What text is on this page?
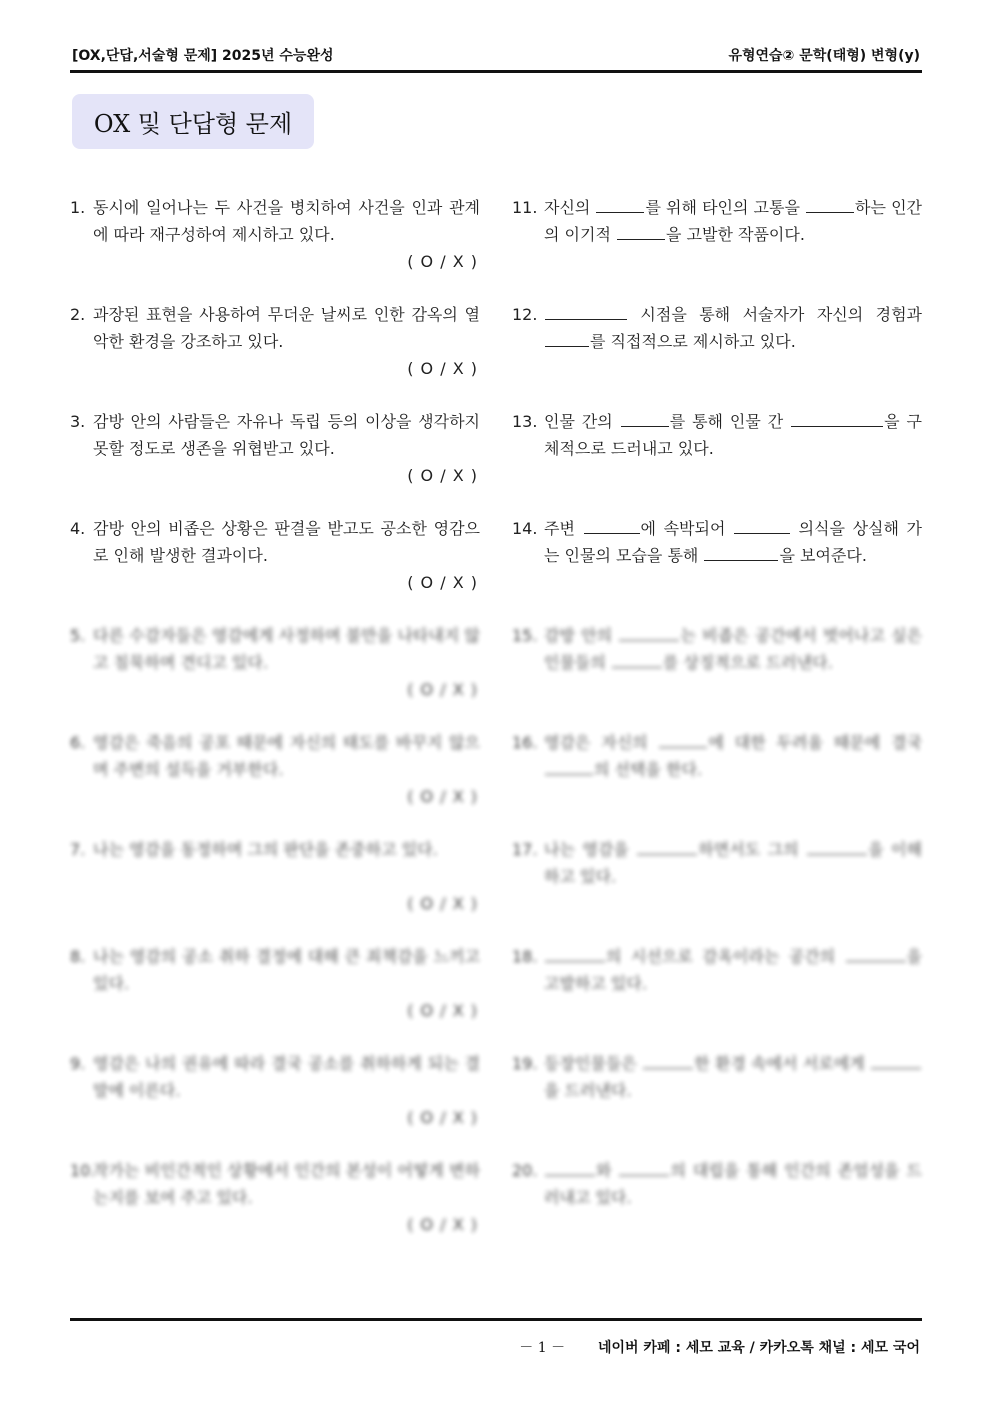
[OX,단답,서술형 문제] 2025년 수능완성	유형연습② 문학(태형) 변형(y)
OX 및 단답형 문제
1. 동시에 일어나는 두 사건을 병치하여 사건을 인과 관계에 따라 재구성하여 제시하고 있다.
( O / X )
2. 과장된 표현을 사용하여 무더운 날씨로 인한 감옥의 열악한 환경을 강조하고 있다.
( O / X )
3. 감방 안의 사람들은 자유나 독립 등의 이상을 생각하지 못할 정도로 생존을 위협받고 있다.
( O / X )
4. 감방 안의 비좁은 상황은 판결을 받고도 공소한 영감으로 인해 발생한 결과이다.
( O / X )
5. 다른 수감자들은 영감에게 사정하며 불만을 나타내지 않고 침묵하며 견디고 있다.
( O / X )
6. 영감은 죽음의 공포 때문에 자신의 태도를 바꾸지 않으며 주변의 설득을 거부한다.
( O / X )
7. 나는 영감을 동정하며 그의 판단을 존중하고 있다.
( O / X )
8. 나는 영감의 공소 취하 결정에 대해 큰 죄책감을 느끼고 있다.
( O / X )
9. 영감은 나의 권유에 따라 결국 공소를 취하하게 되는 결말에 이른다.
( O / X )
10.
작가는 비인간적인 상황에서 인간의 본성이 어떻게 변하는지를 보여 주고 있다.
( O / X )
11. 자신의	를 위해 타인의 고통을	하는 인간의 이기적	을 고발한 작품이다.
12.	시점을 통해 서술자가 자신의 경험과 를 직접적으로 제시하고 있다.
13. 인물 간의	를 통해 인물 간	을 구체적으로 드러내고 있다.
14. 주변	에 속박되어	의식을 상실해 가는 인물의 모습을 통해	을 보여준다.
15. 감방 안의	는 비좁은 공간에서 벗어나고 싶은 인물들의	를 상징적으로 드러낸다.
16. 영감은 자신의	에 대한 두려움 때문에 결국 의 선택을 한다.
17. 나는 영감을	하면서도 그의	을 이해하고 있다.
18.	의 시선으로 감옥이라는 공간의	을 고발하고 있다.
19. 등장인물들은	한 환경 속에서 서로에게 을 드러낸다.
20.	와	의 대립을 통해 인간의 존엄성을 드러내고 있다.
－ 1 － 네이버 카페 : 세모 교육 / 카카오톡 채널 : 세모 국어
